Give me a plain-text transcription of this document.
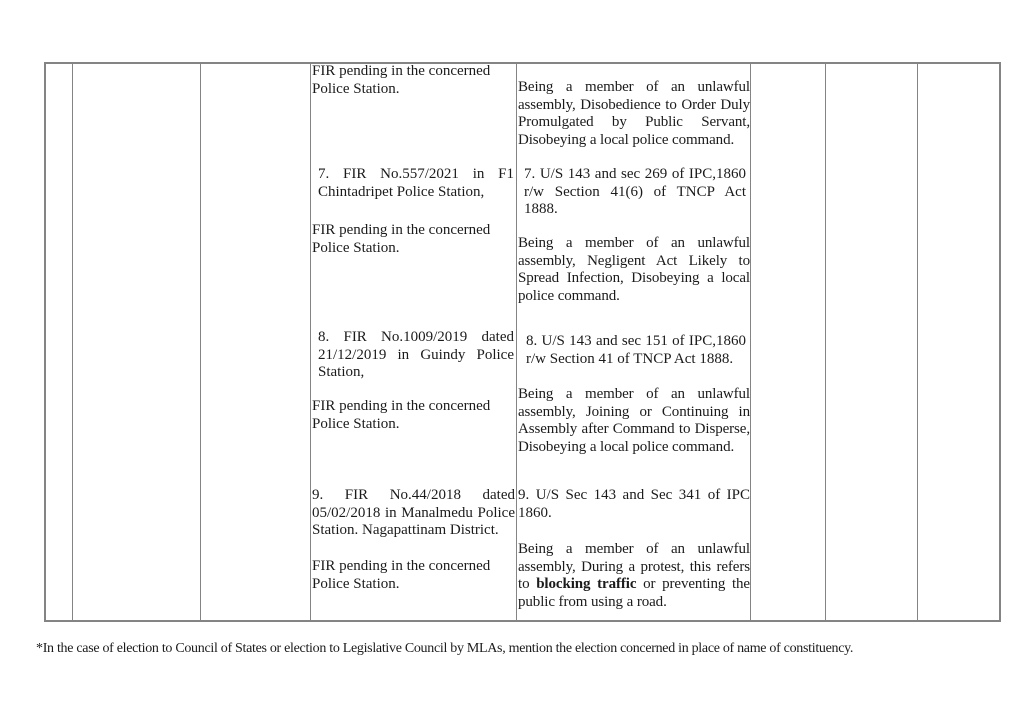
FIR pending in the concerned Police Station.

7. FIR No.557/2021 in F1 Chintadripet Police Station,

FIR pending in the concerned Police Station.

8. FIR No.1009/2019 dated 21/12/2019 in Guindy Police Station,

FIR pending in the concerned Police Station.

9. FIR No.44/2018 dated 05/02/2018 in Manalmedu Police Station. Nagapattinam District.

FIR pending in the concerned Police Station.

Being a member of an unlawful assembly, Disobedience to Order Duly Promulgated by Public Servant, Disobeying a local police command.

7. U/S 143 and sec 269 of IPC,1860 r/w Section 41(6) of TNCP Act 1888.

Being a member of an unlawful assembly, Negligent Act Likely to Spread Infection, Disobeying a local police command.

8. U/S 143 and sec 151 of IPC,1860 r/w Section 41 of TNCP Act 1888.

Being a member of an unlawful assembly, Joining or Continuing in Assembly after Command to Disperse, Disobeying a local police command.

9. U/S Sec 143 and Sec 341 of IPC 1860.

Being a member of an unlawful assembly, During a protest, this refers to blocking traffic or preventing the public from using a road.

*In the case of election to Council of States or election to Legislative Council by MLAs, mention the election concerned in place of name of constituency.
